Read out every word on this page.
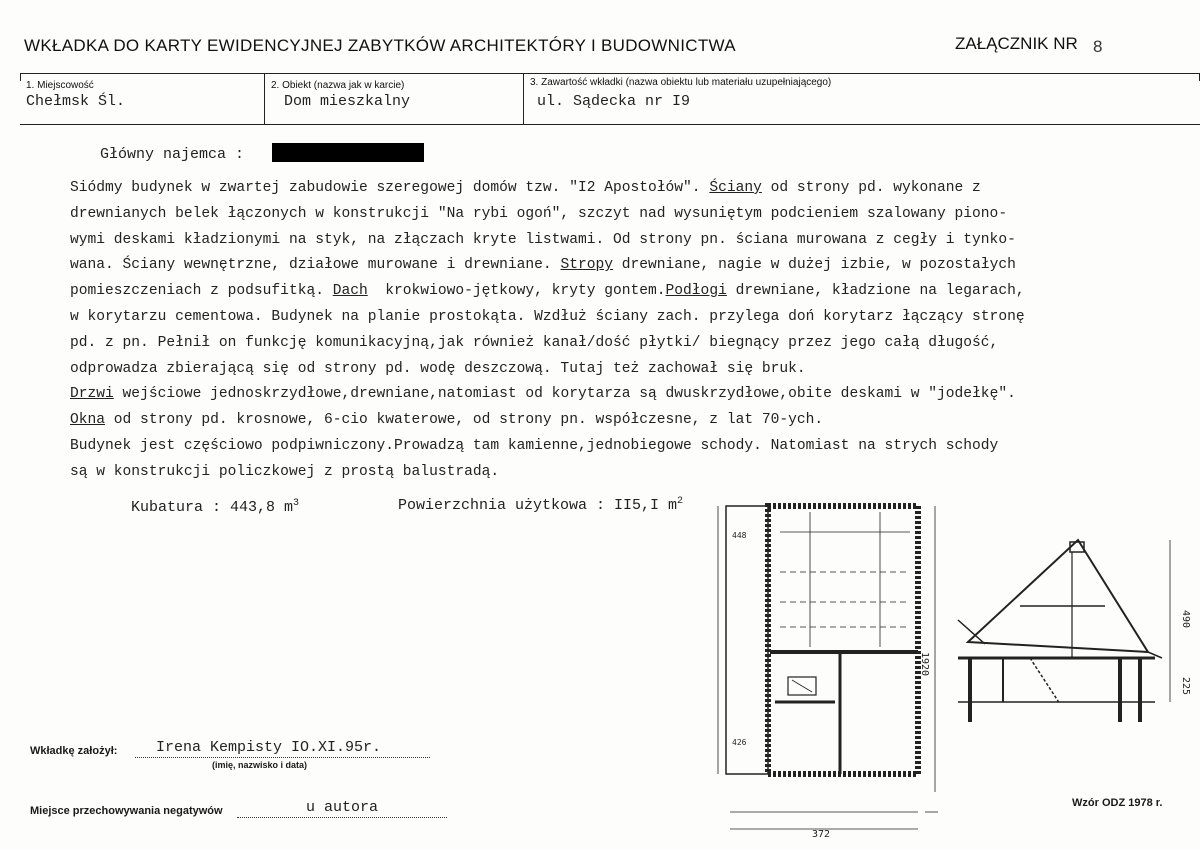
WKŁADKA DO KARTY EWIDENCYJNEJ ZABYTKÓW ARCHITEKTÓRY I BUDOWNICTWA	ZAŁĄCZNIK NR 8
1. Miejscowość
Chełmsk Śl.
2. Obiekt (nazwa jak w karcie)
Dom mieszkalny
3. Zawartość wkładki (nazwa obiektu lub materiału uzupełniającego)
ul. Sądecka nr I9
Główny najemca :
Siódmy budynek w zwartej zabudowie szeregowej domów tzw. "I2 Apostołów". Ściany od strony pd. wykonane z
drewnianych belek łączonych w konstrukcji "Na rybi ogoń", szczyt nad wysuniętym podcieniem szalowany piono-
wymi deskami kładzionymi na styk, na złączach kryte listwami. Od strony pn. ściana murowana z cegły i tynko-
wana. Ściany wewnętrzne, działowe murowane i drewniane. Stropy drewniane, nagie w dużej izbie, w pozostałych
pomieszczeniach z podsufitką. Dach  krokwiowo-jętkowy, kryty gontem.Podłogi drewniane, kładzione na legarach,
w korytarzu cementowa. Budynek na planie prostokąta. Wzdłuż ściany zach. przylega doń korytarz łączący stronę
pd. z pn. Pełnił on funkcję komunikacyjną,jak również kanał/dość płytki/ biegnący przez jego całą długość,
odprowadza zbierającą się od strony pd. wodę deszczową. Tutaj też zachował się bruk.
Drzwi wejściowe jednoskrzydłowe,drewniane,natomiast od korytarza są dwuskrzydłowe,obite deskami w "jodełkę".
Okna od strony pd. krosnowe, 6-cio kwaterowe, od strony pn. współczesne, z lat 70-ych.
Budynek jest częściowo podpiwniczony.Prowadzą tam kamienne,jednobiegowe schody. Natomiast na strych schody
są w konstrukcji policzkowej z prostą balustradą.
Kubatura : 443,8 $m^3$	Powierzchnia użytkowa : II5,I $m^2$
448
426
1920
372
490
225
Wkładkę założył:	Irena Kempisty IO.XI.95r.
(imię, nazwisko i data)
Miejsce przechowywania negatywów	u autora	Wzór ODZ 1978 r.
